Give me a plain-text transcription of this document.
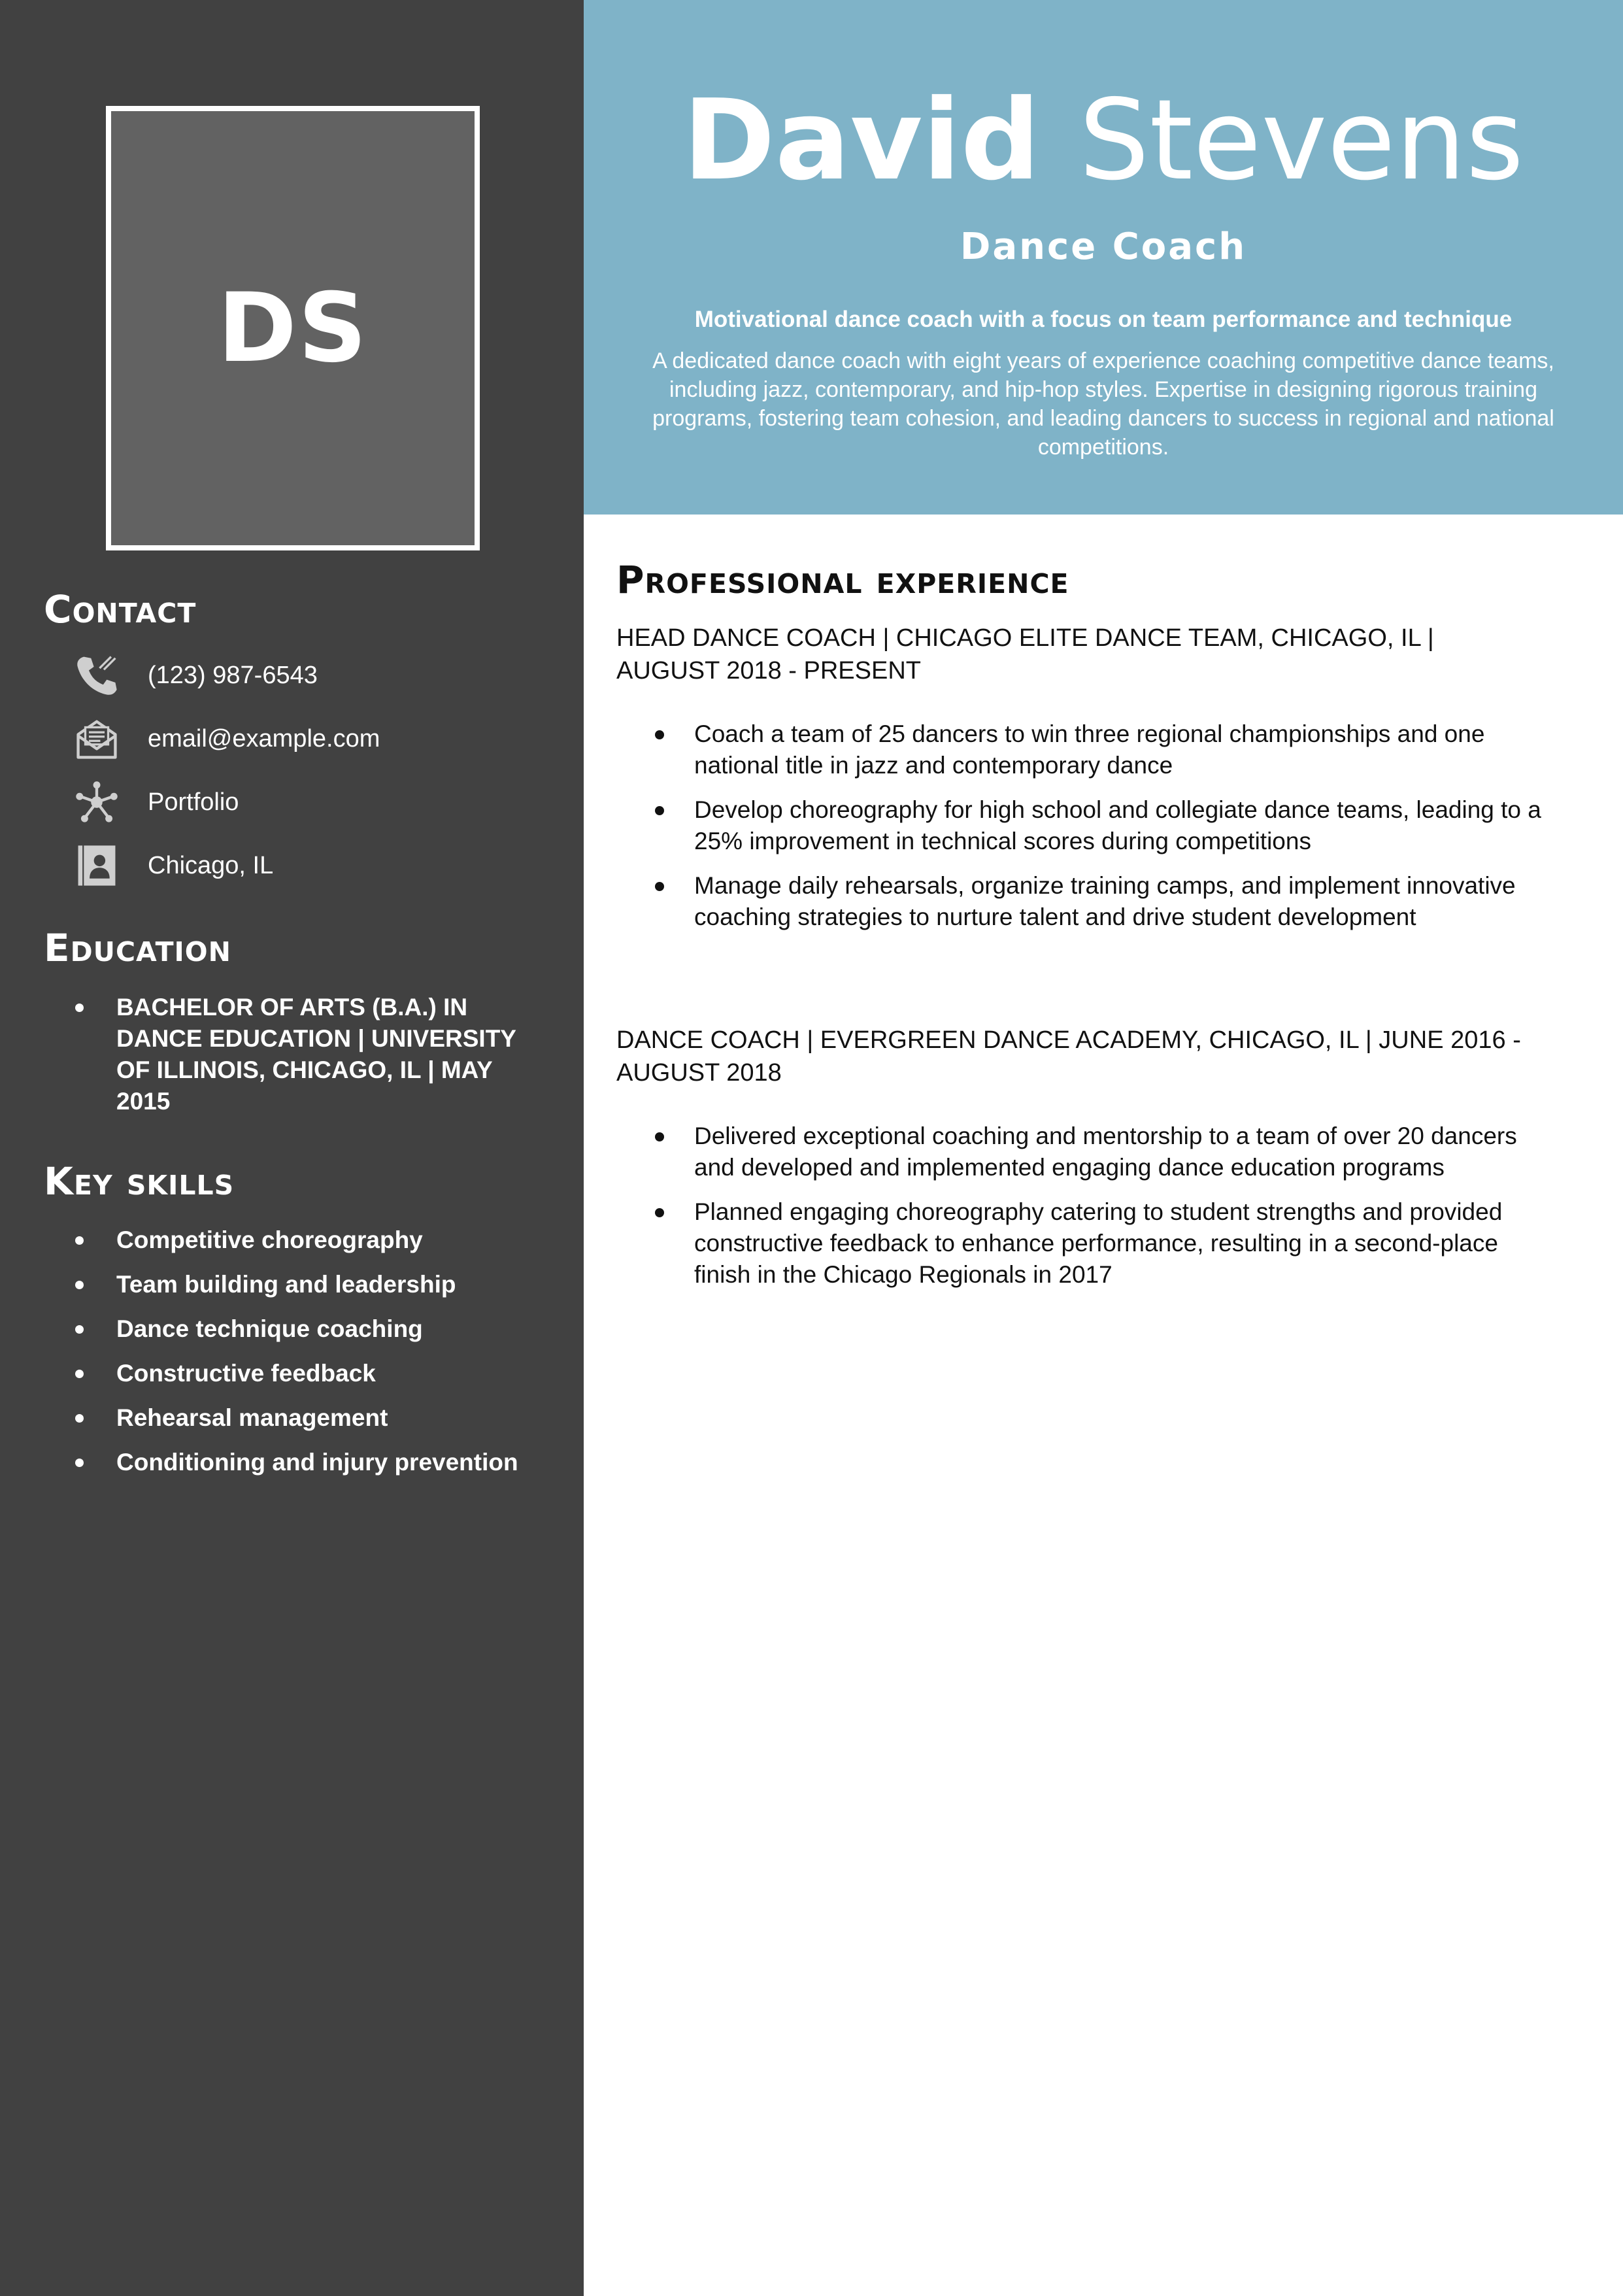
DS
Contact
(123) 987-6543
email@example.com
Portfolio
Chicago, IL
Education
BACHELOR OF ARTS (B.A.) IN DANCE EDUCATION | UNIVERSITY OF ILLINOIS, CHICAGO, IL | MAY 2015
Key skills
Competitive choreography
Team building and leadership
Dance technique coaching
Constructive feedback
Rehearsal management
Conditioning and injury prevention
David Stevens
Dance Coach

Motivational dance coach with a focus on team performance and technique

A dedicated dance coach with eight years of experience coaching competitive dance teams, including jazz, contemporary, and hip-hop styles. Expertise in designing rigorous training programs, fostering team cohesion, and leading dancers to success in regional and national competitions.

Professional experience

HEAD DANCE COACH | CHICAGO ELITE DANCE TEAM, CHICAGO, IL | AUGUST 2018 - PRESENT

Coach a team of 25 dancers to win three regional championships and one national title in jazz and contemporary dance
Develop choreography for high school and collegiate dance teams, leading to a 25% improvement in technical scores during competitions
Manage daily rehearsals, organize training camps, and implement innovative coaching strategies to nurture talent and drive student development

DANCE COACH | EVERGREEN DANCE ACADEMY, CHICAGO, IL | JUNE 2016 - AUGUST 2018

Delivered exceptional coaching and mentorship to a team of over 20 dancers and developed and implemented engaging dance education programs
Planned engaging choreography catering to student strengths and provided constructive feedback to enhance performance, resulting in a second-place finish in the Chicago Regionals in 2017
